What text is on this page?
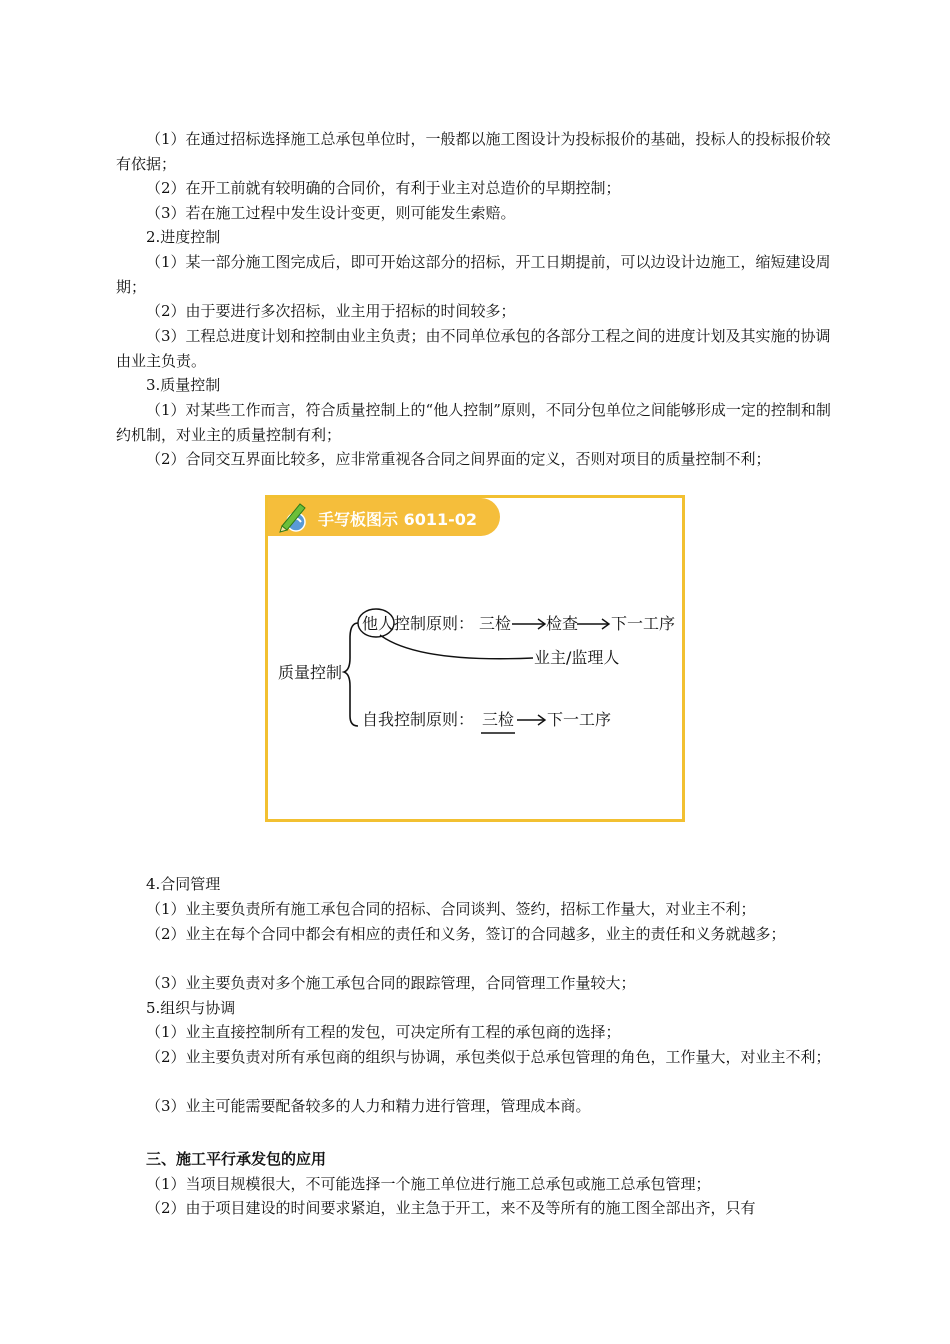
（1）在通过招标选择施工总承包单位时，一般都以施工图设计为投标报价的基础，投标人的投标报价较有依据；

（2）在开工前就有较明确的合同价，有利于业主对总造价的早期控制；

（3）若在施工过程中发生设计变更，则可能发生索赔。

2.进度控制

（1）某一部分施工图完成后，即可开始这部分的招标，开工日期提前，可以边设计边施工，缩短建设周期；

（2）由于要进行多次招标，业主用于招标的时间较多；

（3）工程总进度计划和控制由业主负责；由不同单位承包的各部分工程之间的进度计划及其实施的协调由业主负责。

3.质量控制

（1）对某些工作而言，符合质量控制上的“他人控制”原则，不同分包单位之间能够形成一定的控制和制约机制，对业主的质量控制有利；

（2）合同交互界面比较多，应非常重视各合同之间界面的定义，否则对项目的质量控制不利；

质量控制
他人控制原则： 三检 检查 下一工序
业主/监理人
自我控制原则： 三检 下一工序
手写板图示 6011-02

4.合同管理

（1）业主要负责所有施工承包合同的招标、合同谈判、签约，招标工作量大，对业主不利；

（2）业主在每个合同中都会有相应的责任和义务，签订的合同越多，业主的责任和义务就越多；

（3）业主要负责对多个施工承包合同的跟踪管理，合同管理工作量较大；

5.组织与协调

（1）业主直接控制所有工程的发包，可决定所有工程的承包商的选择；

（2）业主要负责对所有承包商的组织与协调，承包类似于总承包管理的角色，工作量大，对业主不利；

（3）业主可能需要配备较多的人力和精力进行管理，管理成本商。

三、施工平行承发包的应用

（1）当项目规模很大，不可能选择一个施工单位进行施工总承包或施工总承包管理；

（2）由于项目建设的时间要求紧迫，业主急于开工，来不及等所有的施工图全部出齐，只有
